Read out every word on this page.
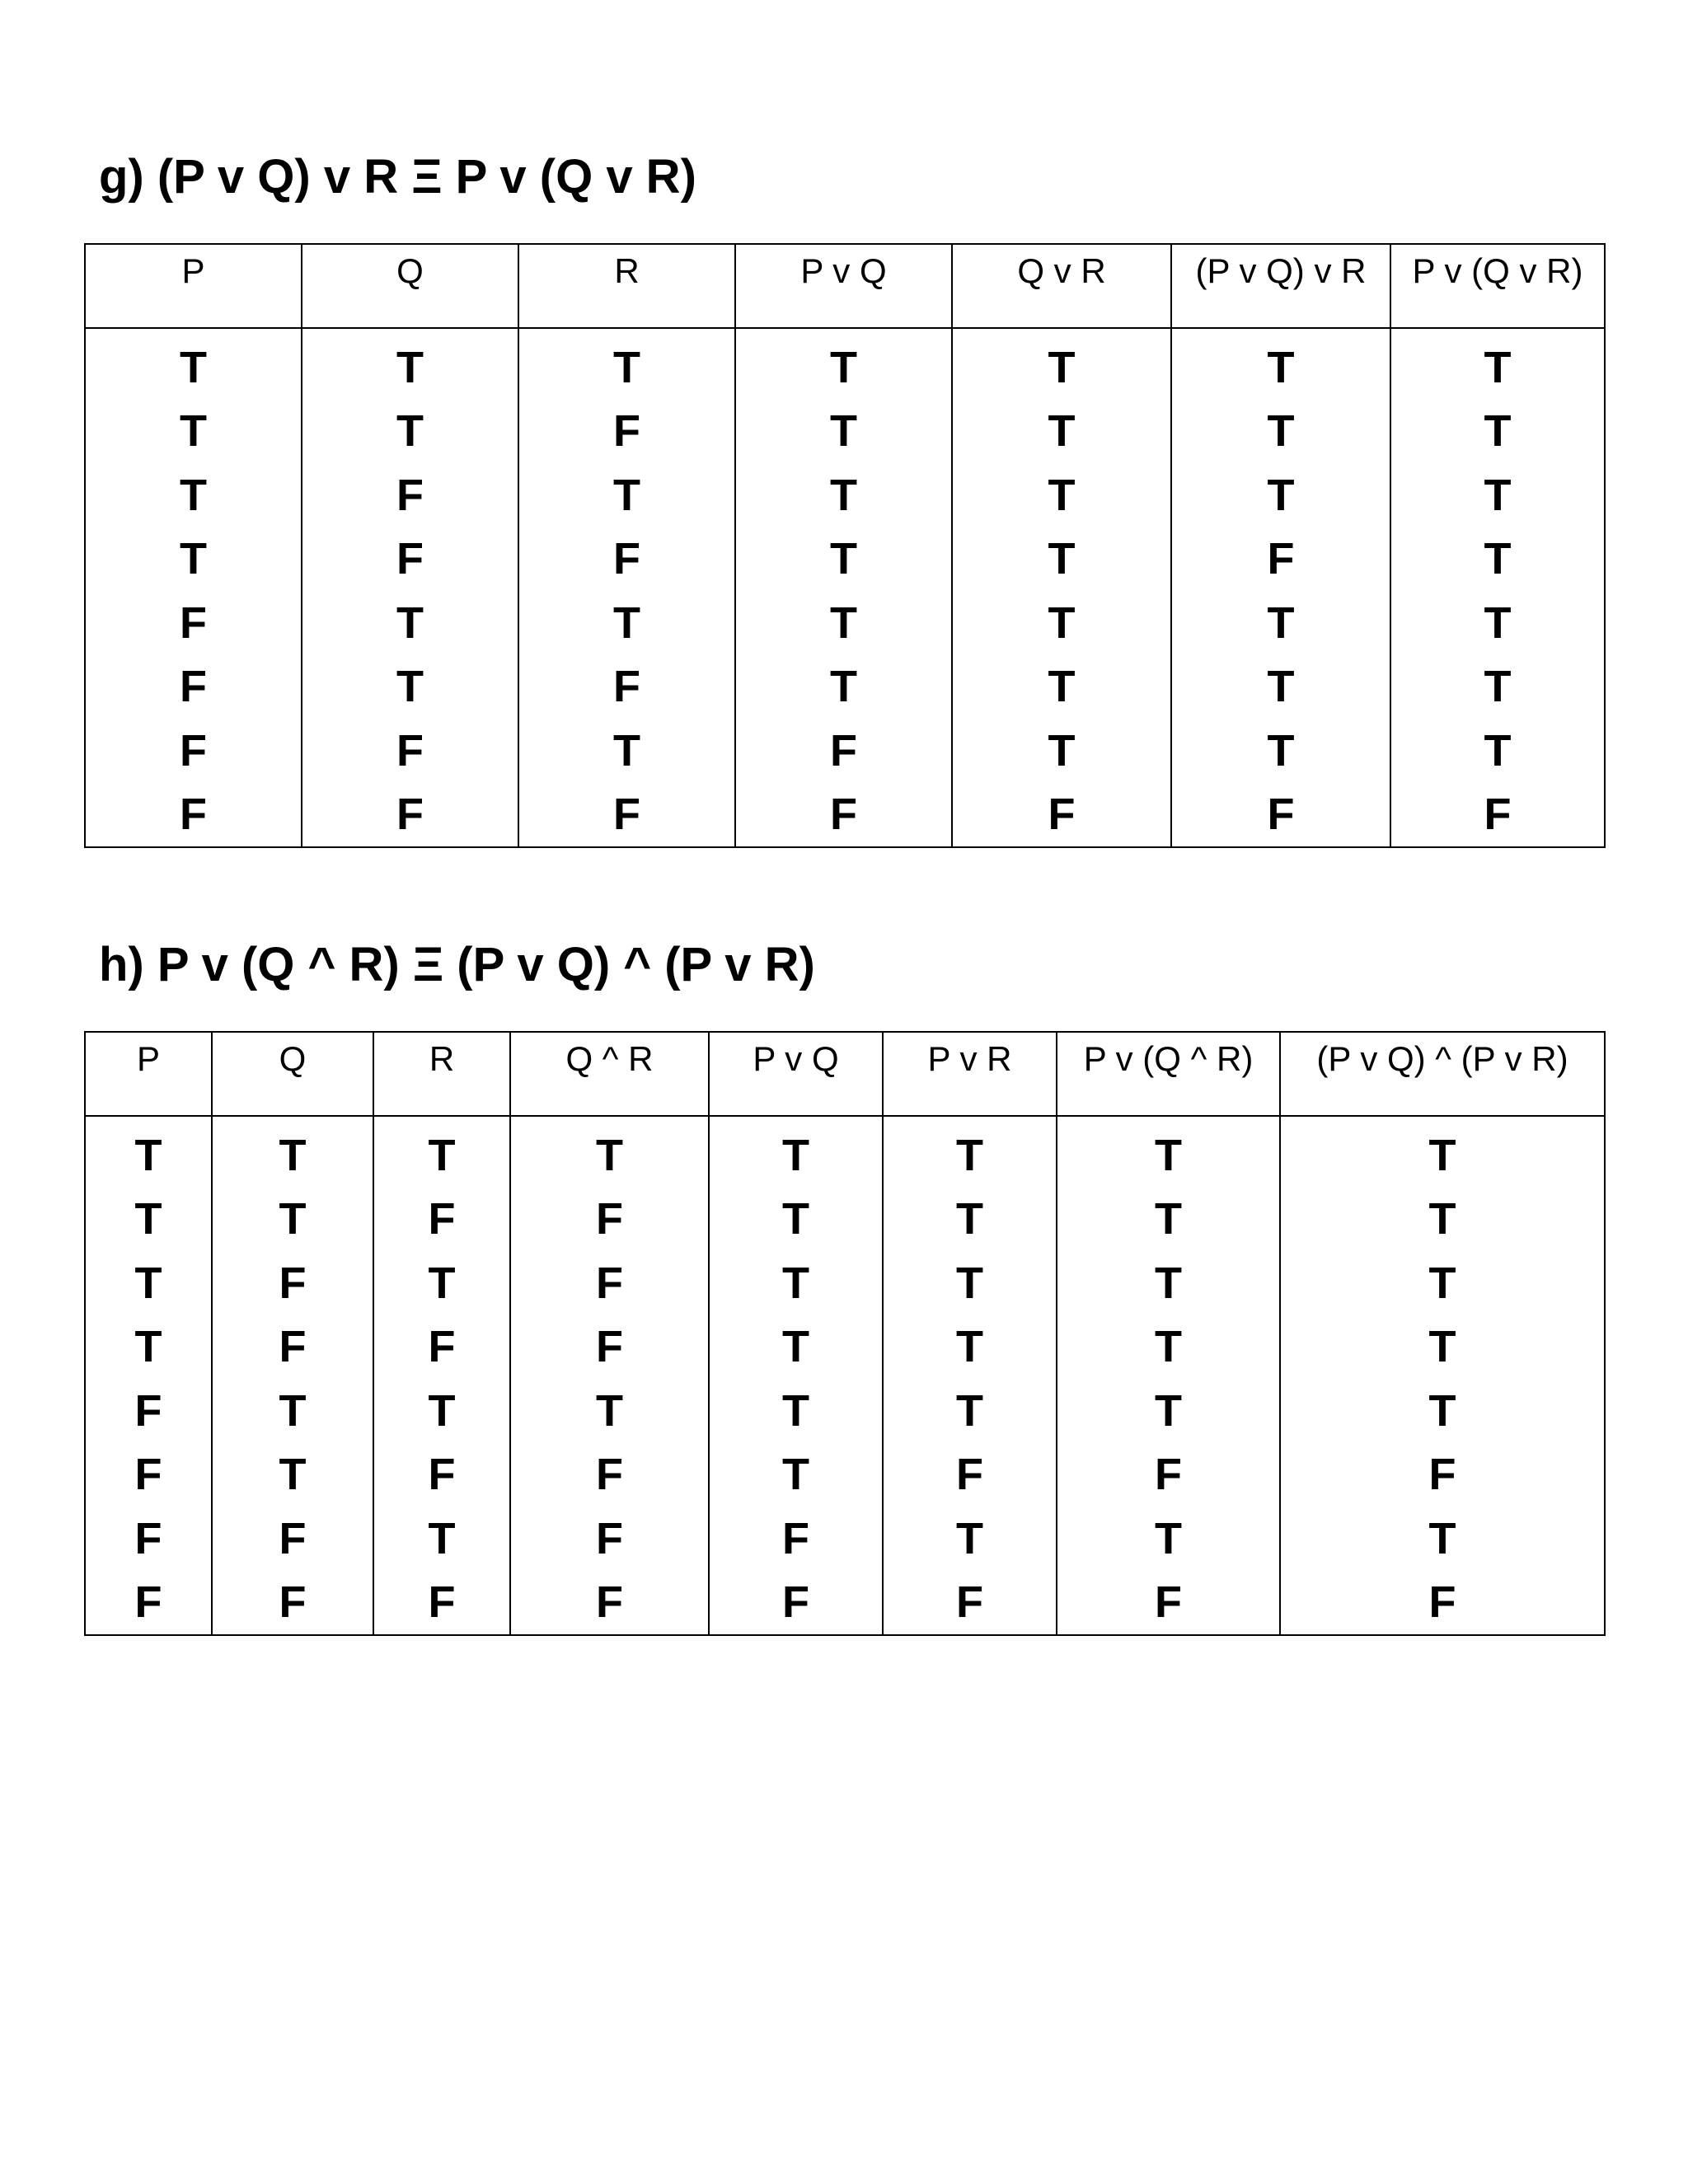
g) (P v Q) v R Ξ P v (Q v R)
P	Q	R	P v Q	Q v R	(P v Q) v R	P v (Q v R)
T	T	T	T	T	T	T
T	T	F	T	T	T	T
T	F	T	T	T	T	T
T	F	F	T	T	F	T
F	T	T	T	T	T	T
F	T	F	T	T	T	T
F	F	T	F	T	T	T
F	F	F	F	F	F	F
h) P v (Q ^ R) Ξ (P v Q) ^ (P v R)
P	Q	R	Q ^ R	P v Q	P v R	P v (Q ^ R)	(P v Q) ^ (P v R)
T	T	T	T	T	T	T	T
T	T	F	F	T	T	T	T
T	F	T	F	T	T	T	T
T	F	F	F	T	T	T	T
F	T	T	T	T	T	T	T
F	T	F	F	T	F	F	F
F	F	T	F	F	T	T	T
F	F	F	F	F	F	F	F
